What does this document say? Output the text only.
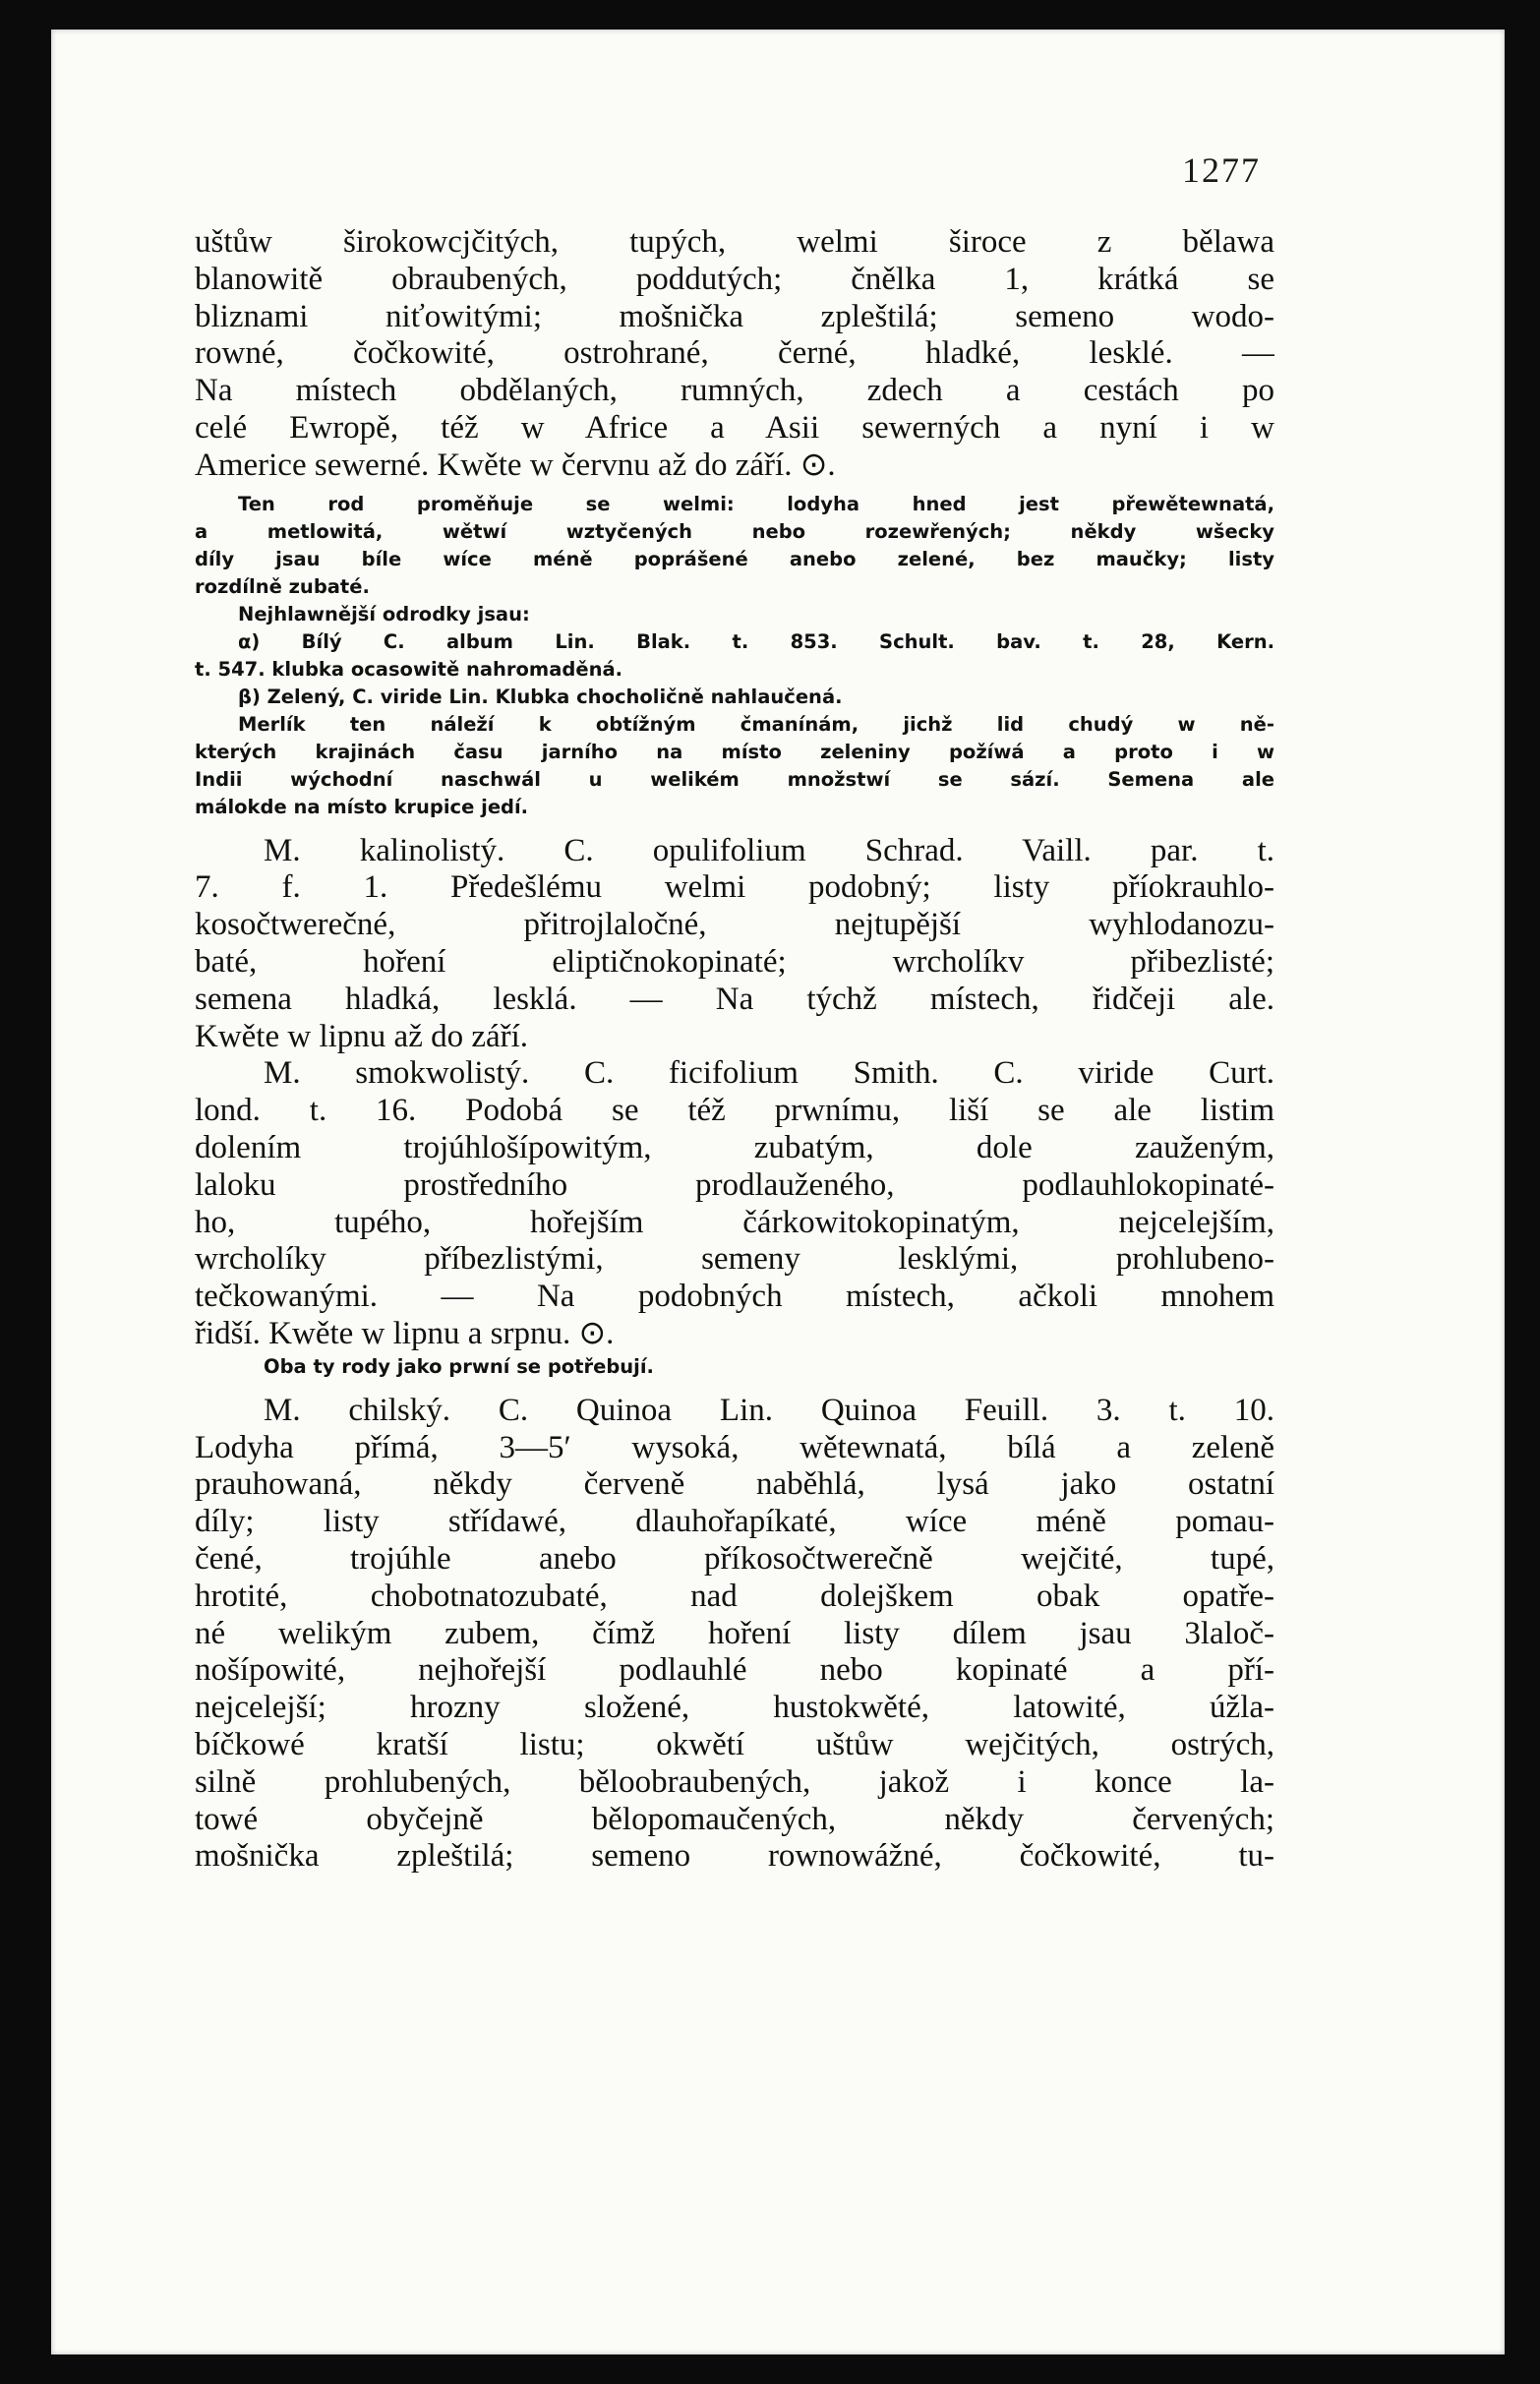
1277
uštůw širokowcjčitých, tupých, welmi široce z bělawa
blanowitě obraubených, poddutých; čnělka 1, krátká se
bliznami niťowitými; mošnička zpleštilá; semeno wodo-
rowné, čočkowité, ostrohrané, černé, hladké, lesklé. —
Na místech obdělaných, rumných, zdech a cestách po
celé Ewropě, též w Africe a Asii sewerných a nyní i w
Americe sewerné. Kwěte w červnu až do září. ⊙.
Ten rod proměňuje se welmi: lodyha hned jest přewětewnatá,
a metlowitá, wětwí wztyčených nebo rozewřených; někdy wšecky
díly jsau bíle wíce méně poprášené anebo zelené, bez maučky; listy
rozdílně zubaté.
Nejhlawnější odrodky jsau:
α) Bílý C. album Lin. Blak. t. 853. Schult. bav. t. 28, Kern.
t. 547. klubka ocasowitě nahromaděná.
β) Zelený, C. viride Lin. Klubka chocholičně nahlaučená.
Merlík ten náleží k obtížným čmanínám, jichž lid chudý w ně-
kterých krajinách času jarního na místo zeleniny požíwá a proto i w
Indii wýchodní naschwál u welikém množstwí se sází. Semena ale
málokde na místo krupice jedí.
M. kalinolistý. C. opulifolium Schrad. Vaill. par. t.
7. f. 1. Předešlému welmi podobný; listy příokrauhlo-
kosočtwerečné, přitrojlaločné, nejtupější wyhlodanozu-
baté, hoření eliptičnokopinaté; wrcholíkv přibezlisté;
semena hladká, lesklá. — Na týchž místech, řidčeji ale.
Kwěte w lipnu až do září.
M. smokwolistý. C. ficifolium Smith. C. viride Curt.
lond. t. 16. Podobá se též prwnímu, liší se ale listim
dolením trojúhlošípowitým, zubatým, dole zauženým,
laloku prostředního prodlauženého, podlauhlokopinaté-
ho, tupého, hořejším čárkowitokopinatým, nejcelejším,
wrcholíky příbezlistými, semeny lesklými, prohlubeno-
tečkowanými. — Na podobných místech, ačkoli mnohem
řidší. Kwěte w lipnu a srpnu. ⊙.
Oba ty rody jako prwní se potřebují.
M. chilský. C. Quinoa Lin. Quinoa Feuill. 3. t. 10.
Lodyha přímá, 3—5′ wysoká, wětewnatá, bílá a zeleně
prauhowaná, někdy červeně naběhlá, lysá jako ostatní
díly; listy střídawé, dlauhořapíkaté, wíce méně pomau-
čené, trojúhle anebo příkosočtwerečně wejčité, tupé,
hrotité, chobotnatozubaté, nad dolejškem obak opatře-
né welikým zubem, čímž hoření listy dílem jsau 3laloč-
nošípowité, nejhořejší podlauhlé nebo kopinaté a pří-
nejcelejší; hrozny složené, hustokwěté, latowité, úžla-
bíčkowé kratší listu; okwětí uštůw wejčitých, ostrých,
silně prohlubených, běloobraubených, jakož i konce la-
towé obyčejně bělopomaučených, někdy červených;
mošnička zpleštilá; semeno rownowážné, čočkowité, tu-
